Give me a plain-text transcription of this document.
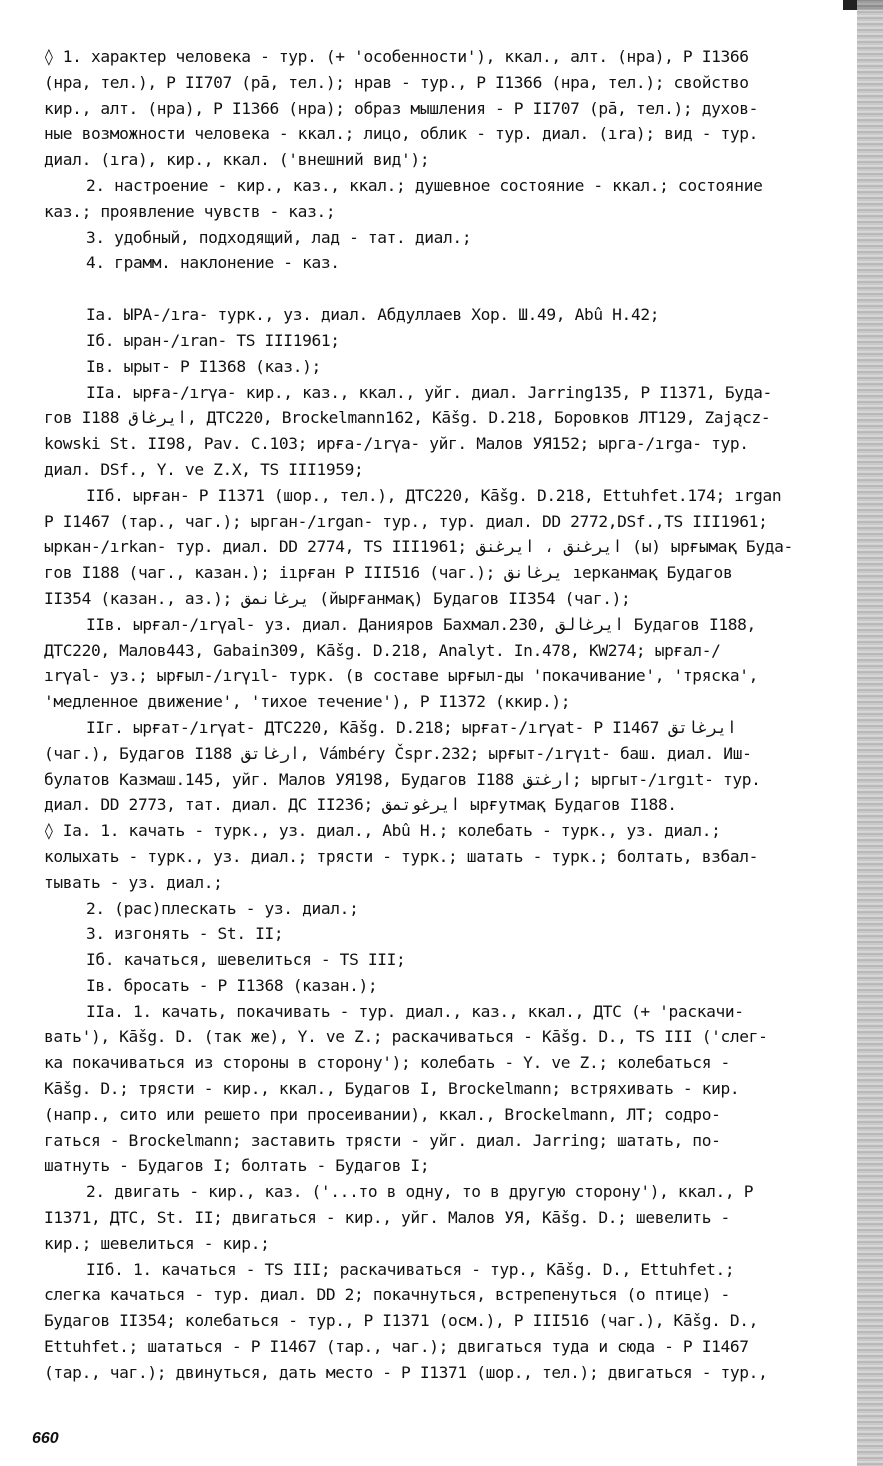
◊ 1. характер человека - тур. (+ 'особенности'), ккал., алт. (нра), Р I1366
(нра, тел.), Р II707 (ра̄, тел.); нрав - тур., Р I1366 (нра, тел.); свойство
кир., алт. (нра), Р I1366 (нра); образ мышления - Р II707 (ра̄, тел.); духов-
ные возможности человека - ккал.; лицо, облик - тур. диал. (ıra); вид - тур.
диал. (ıra), кир., ккал. ('внешний вид');
2. настроение - кир., каз., ккал.; душевное состояние - ккал.; состояние
каз.; проявление чувств - каз.;
3. удобный, подходящий, лад - тат. диал.;
4. грамм. наклонение - каз.
Ia. ЫРА-/ıra- турк., уз. диал. Абдуллаев Хор. Ш.49, Abû H.42;
Iб. ыран-/ıran- TS III1961;
Iв. ырыт- Р I1368 (каз.);
IIа. ырға-/ırγa- кир., каз., ккал., уйг. диал. Jarring135, Р I1371, Буда-
гов I188 ایرغاق, ДТС220, Brockelmann162, Kāšg. D.218, Боровков ЛТ129, Zającz-
kowski St. II98, Pav. C.103; ирға-/ırγa- уйг. Малов УЯ152; ырга-/ırga- тур.
диал. DSf., Y. ve Z.X, TS III1959;
IIб. ырған- Р I1371 (шор., тел.), ДТС220, Kāšg. D.218, Ettuhfet.174; ırgan
Р I1467 (тар., чаг.); ырган-/ırgan- тур., тур. диал. DD 2772,DSf.,TS III1961;
ыркан-/ırkan- тур. диал. DD 2774, TS III1961; ایرغنق ، ایرغنق (ы) ырғымақ Буда-
гов I188 (чаг., казан.); iıрған Р III516 (чаг.); یرغانق ıерканмақ Будагов
II354 (казан., аз.); یرغانمق (йырғанмақ) Будагов II354 (чаг.);
IIв. ырғал-/ırγal- уз. диал. Данияров Бахмал.230, ایرغالق Будагов I188,
ДТС220, Малов443, Gabain309, Kāšg. D.218, Analyt. In.478, KW274; ырғал-/
ırγal- уз.; ырғыл-/ırγıl- турк. (в составе ырғыл-ды 'покачивание', 'тряска',
'медленное движение', 'тихое течение'), Р I1372 (ккир.);
IIг. ырғат-/ırγat- ДТС220, Kāšg. D.218; ырғат-/ırγat- Р I1467 ایرغاتق
(чаг.), Будагов I188 ارغاتق, Vámbéry Čspr.232; ырғыт-/ırγıt- баш. диал. Иш-
булатов Казмаш.145, уйг. Малов УЯ198, Будагов I188 ارغتق; ыргыт-/ırgıt- тур.
диал. DD 2773, тат. диал. ДС II236; ایرغوتمق ырғутмақ Будагов I188.
◊ Iа. 1. качать - турк., уз. диал., Abû H.; колебать - турк., уз. диал.;
колыхать - турк., уз. диал.; трясти - турк.; шатать - турк.; болтать, взбал-
тывать - уз. диал.;
2. (рас)плескать - уз. диал.;
3. изгонять - St. II;
Iб. качаться, шевелиться - TS III;
Iв. бросать - Р I1368 (казан.);
IIа. 1. качать, покачивать - тур. диал., каз., ккал., ДТС (+ 'раскачи-
вать'), Kāšg. D. (так же), Y. ve Z.; раскачиваться - Kāšg. D., TS III ('слег-
ка покачиваться из стороны в сторону'); колебать - Y. ve Z.; колебаться -
Kāšg. D.; трясти - кир., ккал., Будагов I, Brockelmann; встряхивать - кир.
(напр., сито или решето при просеивании), ккал., Brockelmann, ЛТ; содро-
гаться - Brockelmann; заставить трясти - уйг. диал. Jarring; шатать, по-
шатнуть - Будагов I; болтать - Будагов I;
2. двигать - кир., каз. ('...то в одну, то в другую сторону'), ккал., Р
I1371, ДТС, St. II; двигаться - кир., уйг. Малов УЯ, Kāšg. D.; шевелить -
кир.; шевелиться - кир.;
IIб. 1. качаться - TS III; раскачиваться - тур., Kāšg. D., Ettuhfet.;
слегка качаться - тур. диал. DD 2; покачнуться, встрепенуться (о птице) -
Будагов II354; колебаться - тур., Р I1371 (осм.), Р III516 (чаг.), Kāšg. D.,
Ettuhfet.; шататься - Р I1467 (тар., чаг.); двигаться туда и сюда - Р I1467
(тар., чаг.); двинуться, дать место - Р I1371 (шор., тел.); двигаться - тур.,
660
